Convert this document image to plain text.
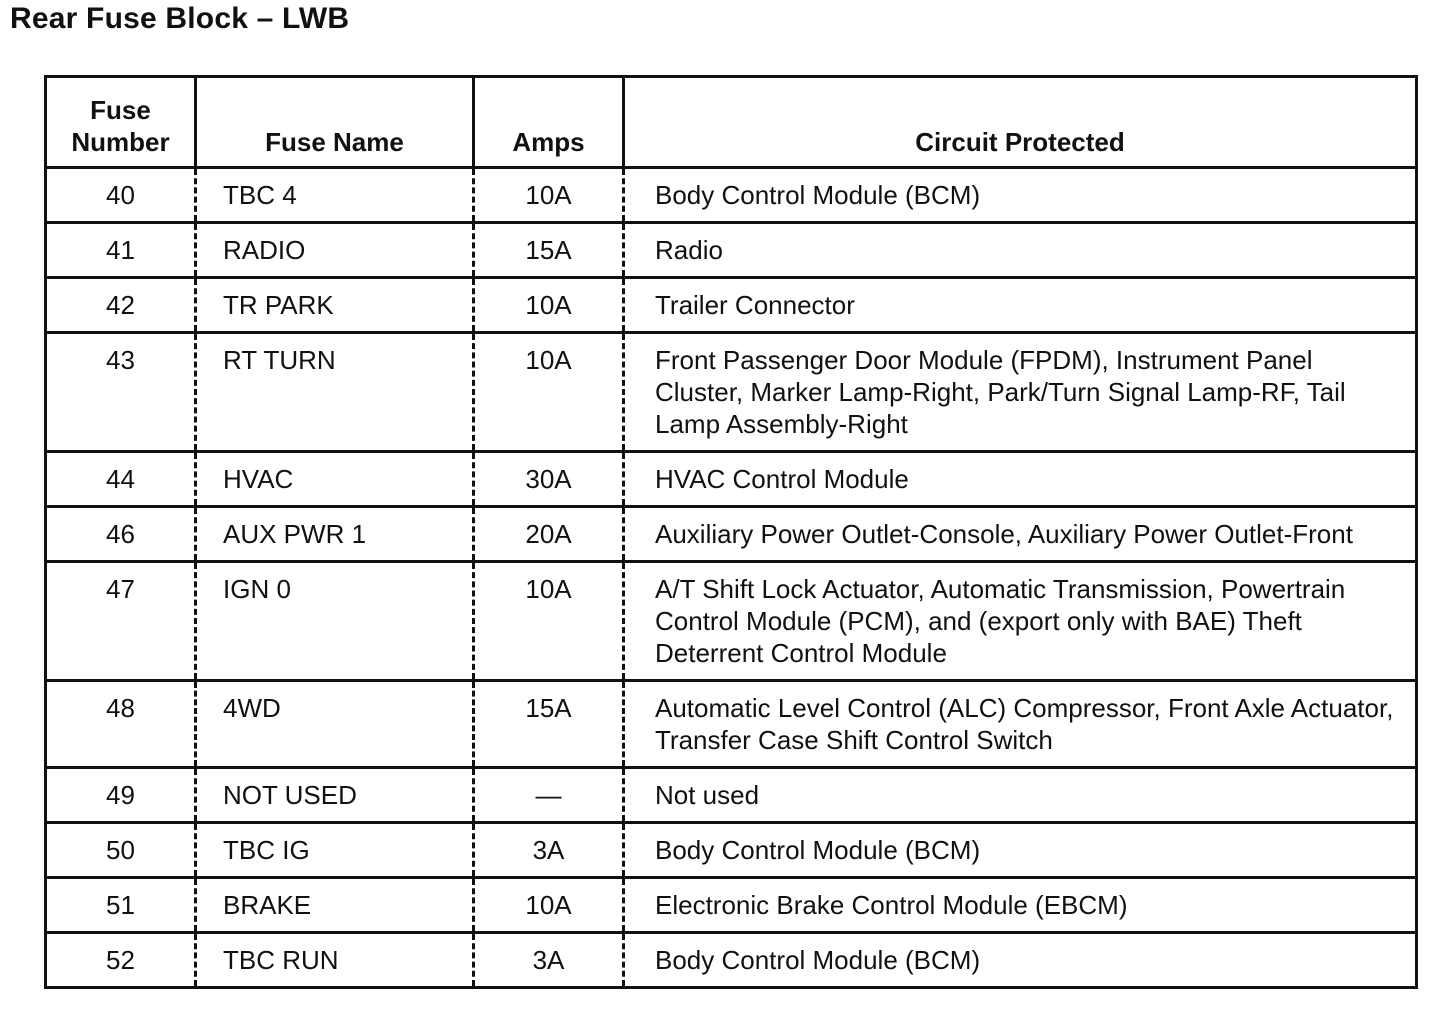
Rear Fuse Block – LWB
Fuse Number	Fuse Name	Amps	Circuit Protected
40	TBC 4	10A	Body Control Module (BCM)
41	RADIO	15A	Radio
42	TR PARK	10A	Trailer Connector
43	RT TURN	10A	Front Passenger Door Module (FPDM), Instrument Panel Cluster, Marker Lamp-Right, Park/Turn Signal Lamp-RF, Tail Lamp Assembly-Right
44	HVAC	30A	HVAC Control Module
46	AUX PWR 1	20A	Auxiliary Power Outlet-Console, Auxiliary Power Outlet-Front
47	IGN 0	10A	A/T Shift Lock Actuator, Automatic Transmission, Powertrain Control Module (PCM), and (export only with BAE) Theft Deterrent Control Module
48	4WD	15A	Automatic Level Control (ALC) Compressor, Front Axle Actuator, Transfer Case Shift Control Switch
49	NOT USED	—	Not used
50	TBC IG	3A	Body Control Module (BCM)
51	BRAKE	10A	Electronic Brake Control Module (EBCM)
52	TBC RUN	3A	Body Control Module (BCM)
